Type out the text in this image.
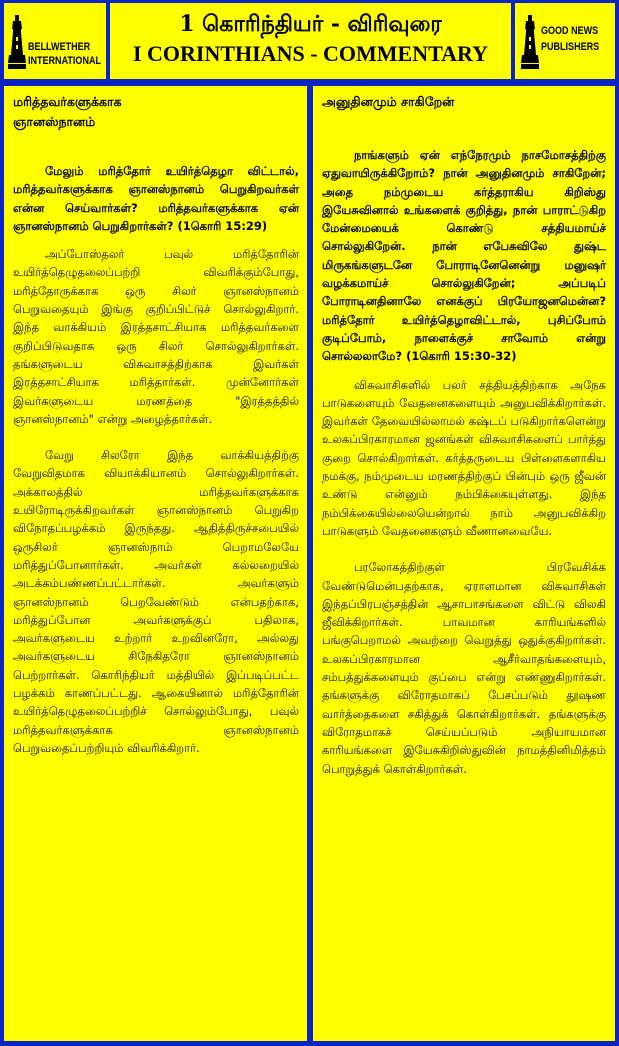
BELLWETHER
INTERNATIONAL
1 கொரிந்தியர் - விரிவுரை
I CORINTHIANS - COMMENTARY
GOOD NEWS
PUBLISHERS

மரித்தவர்களுக்காக

ஞானஸ்நானம்

மேலும் மரித்தோர் உயிர்த்தெழா விட்டால், மரித்தவர்களுக்காக ஞானஸ்நானம் பெறுகிறவர்கள் என்ன செய்வார்கள்? மரித்தவர்களுக்காக ஏன் ஞானஸ்நானம் பெறுகிறார்கள்? (1கொரி 15:29)

அப்போஸ்தலர் பவுல் மரித்தோரின் உயிர்த்தெழுதலைப்பற்றி விவரிக்கும்போது, மரித்தோருக்காக ஒரு சிலர் ஞானஸ்நானம் பெறுவதையும் இங்கு குறிப்பிட்டுச் சொல்லுகிறார். இந்த வாக்கியம் இரத்தசாட்சியாக மரித்தவர்களை குறிப்பிடுவதாக ஒரு சிலர் சொல்லுகிறார்கள். தங்களுடைய விசுவாசத்திற்காக இவர்கள் இரத்தசாட்சியாக மரித்தார்கள். முன்னோர்கள் இவர்களுடைய மரணத்தை "இரத்தத்தில் ஞானஸ்நானம்" என்று அழைத்தார்கள்.

வேறு சிலரோ இந்த வாக்கியத்திற்கு வேறுவிதமாக வியாக்கியானம் சொல்லுகிறார்கள். அக்காலத்தில் மரித்தவர்களுக்காக உயிரோடிருக்கிறவர்கள் ஞானஸ்நானம் பெறுகிற விநோதப்பழக்கம் இருந்தது. ஆதித்திருச்சபையில் ஒருசிலர் ஞானஸ்நாம் பெறாமலேயே மரித்துப்போனார்கள். அவர்கள் கல்லறையில் அடக்கம்பண்ணப்பட்டார்கள். அவர்களும் ஞானஸ்நானம் பெறவேண்டும் என்பதற்காக, மரித்துப்போன அவர்களுக்குப் பதிலாக, அவர்களுடைய உற்றார் உறவினரோ, அல்லது அவர்களுடைய சிநேகிதரோ ஞானஸ்நானம் பெற்றார்கள். கொரிந்தியர் மத்தியில் இப்படிப்பட்ட பழக்கம் காணப்பட்டது. ஆகையினால் மரித்தோரின் உயிர்த்தெழுதலைப்பற்றிச் சொல்லும்போது, பவுல் மரித்தவர்களுக்காக ஞானஸ்நானம் பெறுவதைப்பற்றியும் விவரிக்கிறார்.

அனுதினமும் சாகிறேன்

நாங்களும் ஏன் எந்நேரமும் நாசமோசத்திற்கு ஏதுவாயிருக்கிறோம்? நான் அனுதினமும் சாகிறேன்; அதை நம்முடைய கர்த்தராகிய கிறிஸ்து இயேசுவினால் உங்களைக் குறித்து, நான் பாராட்டுகிற மேன்மையைக் கொண்டு சத்தியமாய்ச் சொல்லுகிறேன். நான் எபேசுவிலே துஷ்ட மிருகங்களுடனே போராடினேனென்று மனுஷர் வழக்கமாய்ச் சொல்லுகிறேன்; அப்படிப் போராடினதினாலே எனக்குப் பிரயோஜனமென்ன? மரித்தோர் உயிர்த்தெழாவிட்டால், புசிப்போம் குடிப்போம், நாளைக்குச் சாவோம் என்று சொல்லலாமே? (1கொரி 15:30-32)

விசுவாசிகளில் பலர் சத்தியத்திற்காக அநேக பாடுகளையும் வேதனைகளையும் அனுபவிக்கிறார்கள். இவர்கள் தேவையில்லாமல் கஷ்டப் படுகிறார்களென்று உலகப்பிரகாரமான ஜனங்கள் விசுவாசிகளைப் பார்த்து குறை சொல்கிறார்கள். கர்த்தருடைய பிள்ளைகளாகிய நமக்கு, நம்முடைய மரணத்திற்குப் பின்பும் ஒரு ஜீவன் உண்டு என்னும் நம்பிக்கையுள்ளது. இந்த நம்பிக்கையில்லையென்றால் நாம் அனுபவிக்கிற பாடுகளும் வேதனைகளும் வீணானவையே.

பரலோகத்திற்குள் பிரவேசிக்க வேண்டுமென்பதற்காக, ஏராளமான விசுவாசிகள் இந்தப்பிரபஞ்சத்தின் ஆசாபாசங்களை விட்டு விலகி ஜீவிக்கிறார்கள். பாவமான காரியங்களில் பங்குபெறாமல் அவற்றை வெறுத்து ஒதுக்குகிறார்கள். உலகப்பிரகாரமான ஆசீர்வாதங்களையும், சம்பத்துக்களையும் குப்பை என்று எண்ணுகிறார்கள். தங்களுக்கு விரோதமாகப் பேசப்படும் தூஷண வார்த்தைகளை சகித்துக் கொள்கிறார்கள். தங்களுக்கு விரோதமாகச் செய்யப்படும் அநியாயமான காரியங்களை இயேசுகிறிஸ்துவின் நாமத்தினிமித்தம் பொறுத்துக் கொள்கிறார்கள்.
